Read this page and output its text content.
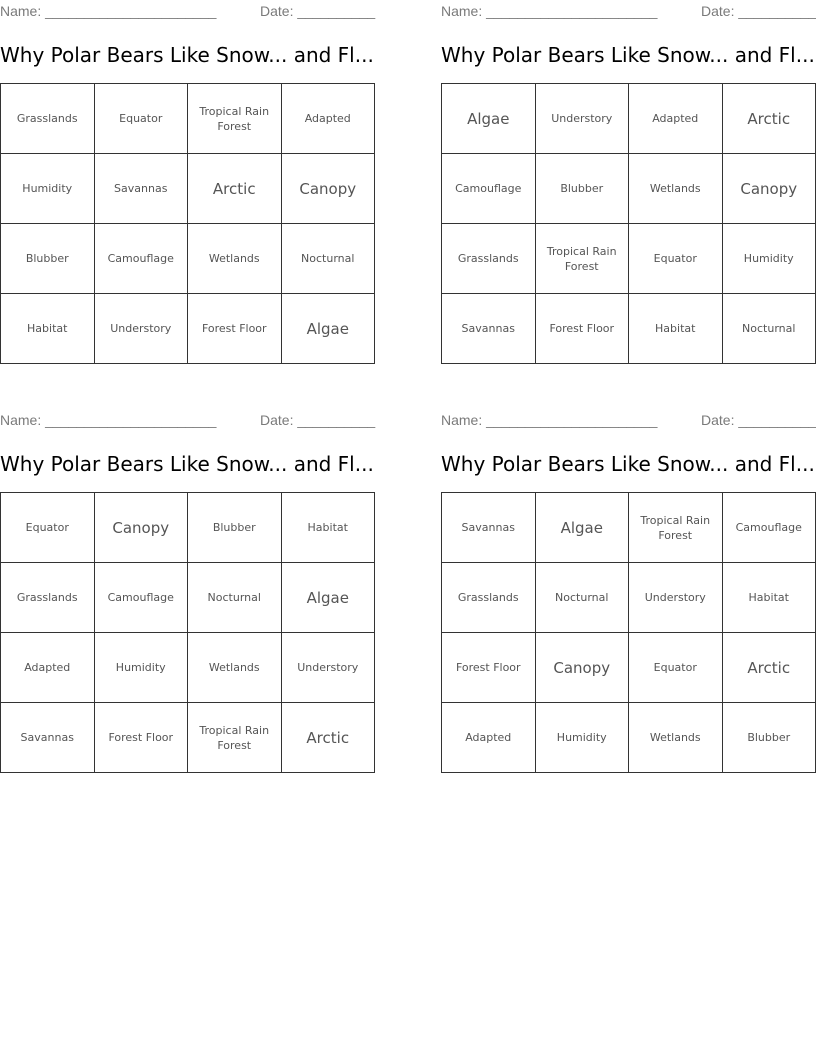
Name: ______________________	Date: __________
Why Polar Bears Like Snow... and Fl...
Grasslands	Equator	Tropical Rain Forest	Adapted
Humidity	Savannas	Arctic	Canopy
Blubber	Camouflage	Wetlands	Nocturnal
Habitat	Understory	Forest Floor	Algae
Name: ______________________	Date: __________
Why Polar Bears Like Snow... and Fl...
Algae	Understory	Adapted	Arctic
Camouflage	Blubber	Wetlands	Canopy
Grasslands	Tropical Rain Forest	Equator	Humidity
Savannas	Forest Floor	Habitat	Nocturnal
Name: ______________________	Date: __________
Why Polar Bears Like Snow... and Fl...
Equator	Canopy	Blubber	Habitat
Grasslands	Camouflage	Nocturnal	Algae
Adapted	Humidity	Wetlands	Understory
Savannas	Forest Floor	Tropical Rain Forest	Arctic
Name: ______________________	Date: __________
Why Polar Bears Like Snow... and Fl...
Savannas	Algae	Tropical Rain Forest	Camouflage
Grasslands	Nocturnal	Understory	Habitat
Forest Floor	Canopy	Equator	Arctic
Adapted	Humidity	Wetlands	Blubber
